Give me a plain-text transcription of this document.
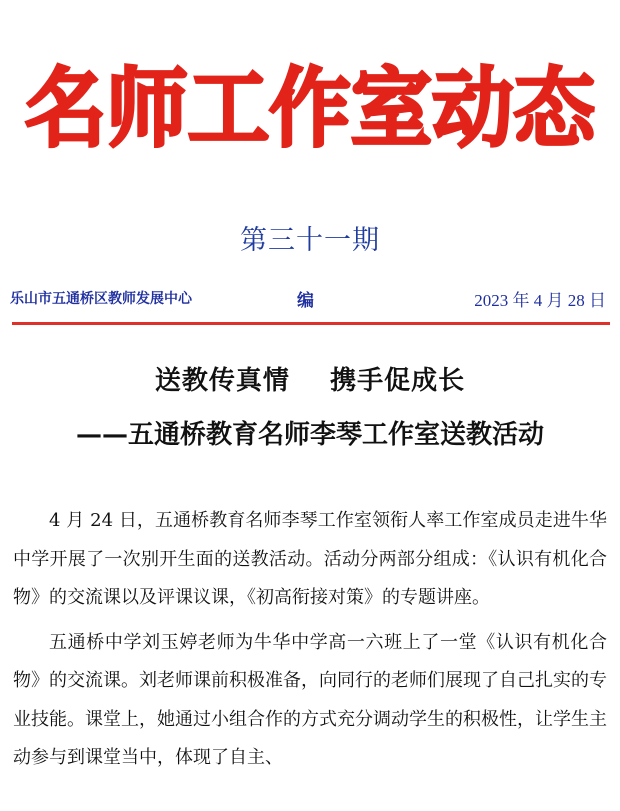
名师工作室动态
第三十一期
乐山市五通桥区教师发展中心	编	2023 年 4 月 28 日
送教传真情    携手促成长
——五通桥教育名师李琴工作室送教活动

4 月 24 日，五通桥教育名师李琴工作室领衔人率工作室成员走进牛华中学开展了一次别开生面的送教活动。活动分两部分组成：《认识有机化合物》的交流课以及评课议课，《初高衔接对策》的专题讲座。

五通桥中学刘玉婷老师为牛华中学高一六班上了一堂《认识有机化合物》的交流课。刘老师课前积极准备，向同行的老师们展现了自己扎实的专业技能。课堂上，她通过小组合作的方式充分调动学生的积极性，让学生主动参与到课堂当中，体现了自主、
